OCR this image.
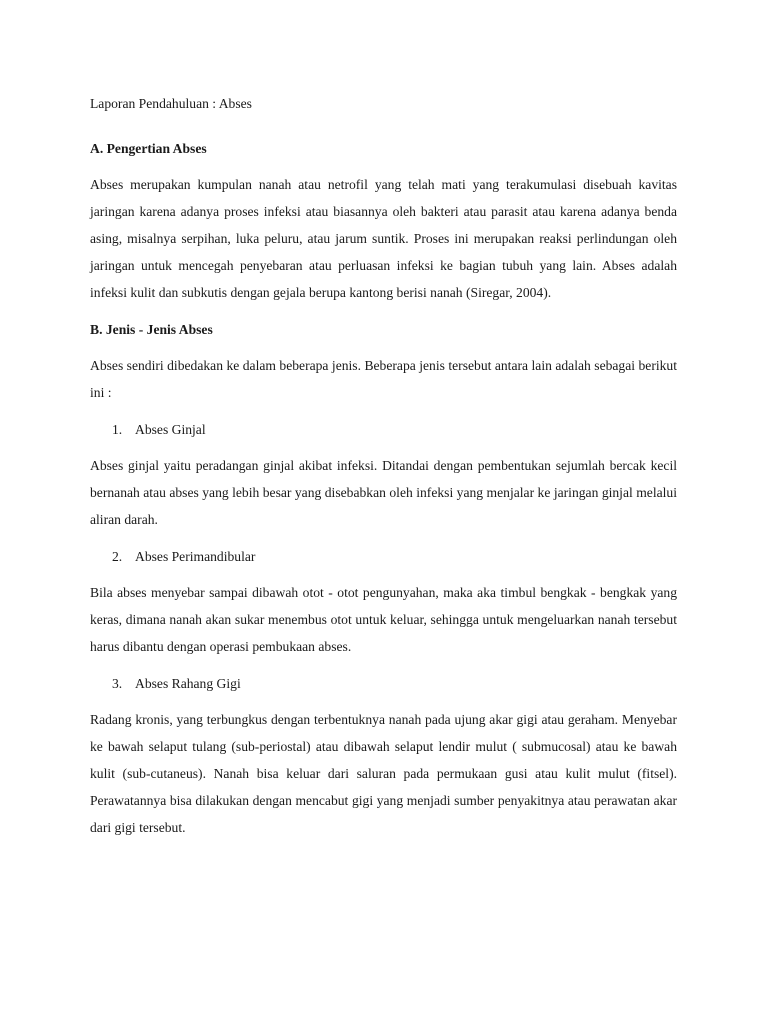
Laporan Pendahuluan : Abses

A. Pengertian Abses

Abses merupakan kumpulan nanah atau netrofil yang telah mati yang terakumulasi disebuah kavitas jaringan karena adanya proses infeksi atau biasannya oleh bakteri atau parasit atau karena adanya benda asing, misalnya serpihan, luka peluru, atau jarum suntik. Proses ini merupakan reaksi perlindungan oleh jaringan untuk mencegah penyebaran atau perluasan infeksi ke bagian tubuh yang lain. Abses adalah infeksi kulit dan subkutis dengan gejala berupa kantong berisi nanah (Siregar, 2004).

B. Jenis - Jenis Abses

Abses sendiri dibedakan ke dalam beberapa jenis. Beberapa jenis tersebut antara lain adalah sebagai berikut ini :

1. Abses Ginjal

Abses ginjal yaitu peradangan ginjal akibat infeksi. Ditandai dengan pembentukan sejumlah bercak kecil bernanah atau abses yang lebih besar yang disebabkan oleh infeksi yang menjalar ke jaringan ginjal melalui aliran darah.

2. Abses Perimandibular

Bila abses menyebar sampai dibawah otot - otot pengunyahan, maka aka timbul bengkak - bengkak yang keras, dimana nanah akan sukar menembus otot untuk keluar, sehingga untuk mengeluarkan nanah tersebut harus dibantu dengan operasi pembukaan abses.

3. Abses Rahang Gigi

Radang kronis, yang terbungkus dengan terbentuknya nanah pada ujung akar gigi atau geraham. Menyebar ke bawah selaput tulang (sub-periostal) atau dibawah selaput lendir mulut ( submucosal) atau ke bawah kulit (sub-cutaneus). Nanah bisa keluar dari saluran pada permukaan gusi atau kulit mulut (fitsel). Perawatannya bisa dilakukan dengan mencabut gigi yang menjadi sumber penyakitnya atau perawatan akar dari gigi tersebut.
